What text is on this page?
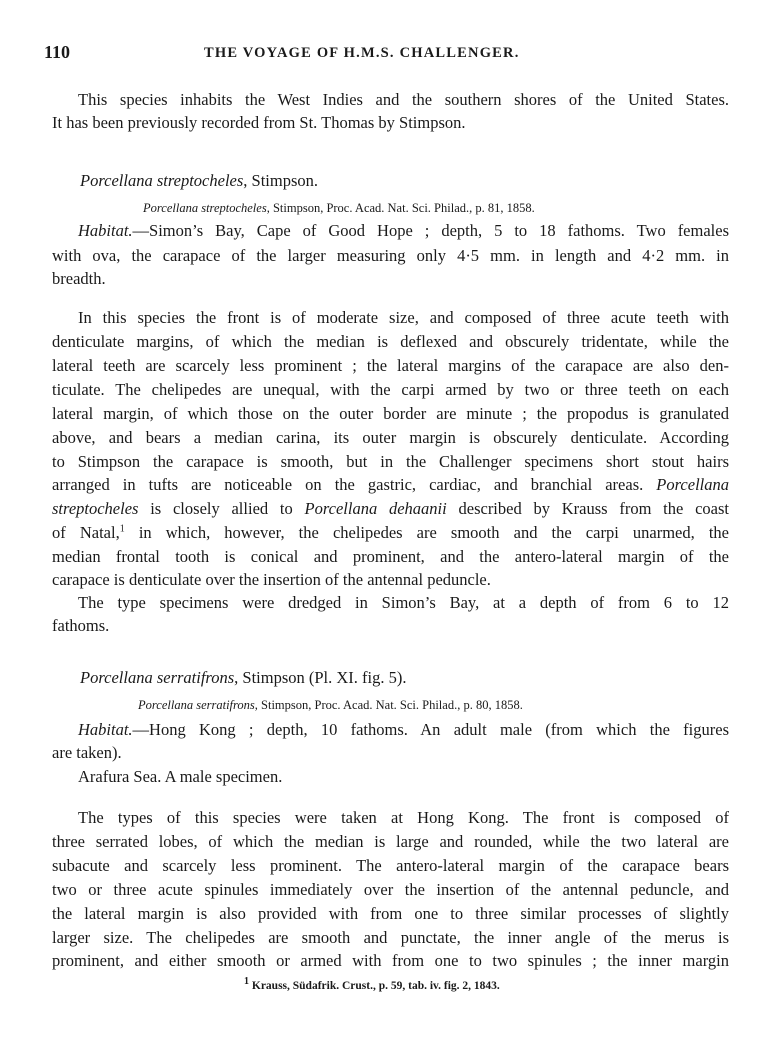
110	THE VOYAGE OF H.M.S. CHALLENGER.
This species inhabits the West Indies and the southern shores of the United States.
It has been previously recorded from St. Thomas by Stimpson.
Porcellana streptocheles, Stimpson.
Porcellana streptocheles, Stimpson, Proc. Acad. Nat. Sci. Philad., p. 81, 1858.
Habitat.—Simon’s Bay, Cape of Good Hope ; depth, 5 to 18 fathoms. Two females
with ova, the carapace of the larger measuring only 4·5 mm. in length and 4·2 mm. in
breadth.
In this species the front is of moderate size, and composed of three acute teeth with
denticulate margins, of which the median is deflexed and obscurely tridentate, while the
lateral teeth are scarcely less prominent ; the lateral margins of the carapace are also den-
ticulate. The chelipedes are unequal, with the carpi armed by two or three teeth on each
lateral margin, of which those on the outer border are minute ; the propodus is granulated
above, and bears a median carina, its outer margin is obscurely denticulate. According
to Stimpson the carapace is smooth, but in the Challenger specimens short stout hairs
arranged in tufts are noticeable on the gastric, cardiac, and branchial areas. Porcellana
streptocheles is closely allied to Porcellana dehaanii described by Krauss from the coast
of Natal,$^1$ in which, however, the chelipedes are smooth and the carpi unarmed, the
median frontal tooth is conical and prominent, and the antero-lateral margin of the
carapace is denticulate over the insertion of the antennal peduncle.
The type specimens were dredged in Simon’s Bay, at a depth of from 6 to 12
fathoms.
Porcellana serratifrons, Stimpson (Pl. XI. fig. 5).
Porcellana serratifrons, Stimpson, Proc. Acad. Nat. Sci. Philad., p. 80, 1858.
Habitat.—Hong Kong ; depth, 10 fathoms. An adult male (from which the figures
are taken).
Arafura Sea. A male specimen.
The types of this species were taken at Hong Kong. The front is composed of
three serrated lobes, of which the median is large and rounded, while the two lateral are
subacute and scarcely less prominent. The antero-lateral margin of the carapace bears
two or three acute spinules immediately over the insertion of the antennal peduncle, and
the lateral margin is also provided with from one to three similar processes of slightly
larger size. The chelipedes are smooth and punctate, the inner angle of the merus is
prominent, and either smooth or armed with from one to two spinules ; the inner margin
$^1$ Krauss, Südafrik. Crust., p. 59, tab. iv. fig. 2, 1843.
